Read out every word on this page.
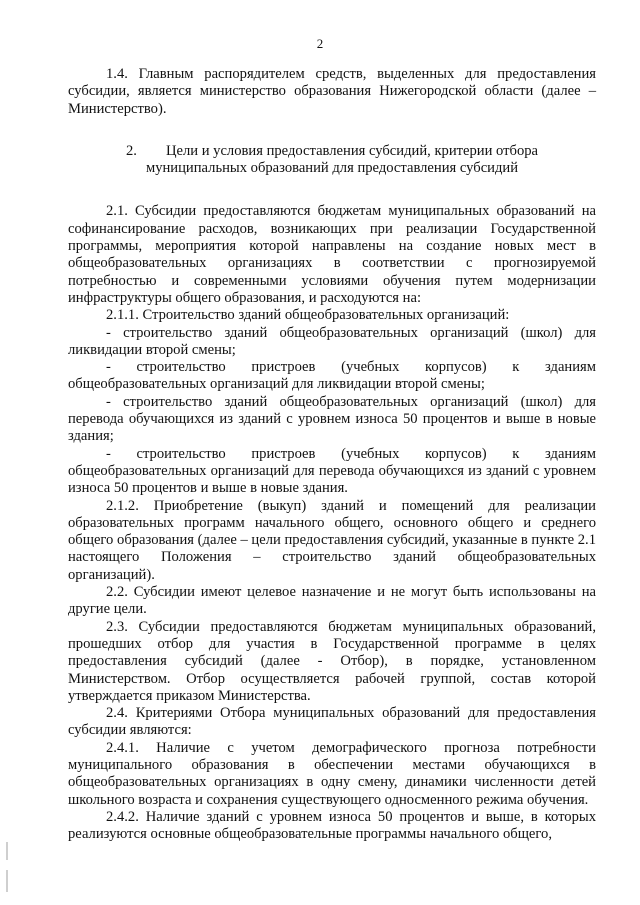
2

1.4. Главным распорядителем средств, выделенных для предоставления субсидии, является министерство образования Нижегородской области (далее – Министерство).

2. Цели и условия предоставления субсидий, критерии отбора
муниципальных образований для предоставления субсидий

2.1. Субсидии предоставляются бюджетам муниципальных образований на софинансирование расходов, возникающих при реализации Государственной программы, мероприятия которой направлены на создание новых мест в общеобразовательных организациях в соответствии с прогнозируемой потребностью и современными условиями обучения путем модернизации инфраструктуры общего образования, и расходуются на:

2.1.1. Строительство зданий общеобразовательных организаций:

- строительство зданий общеобразовательных организаций (школ) для ликвидации второй смены;

- строительство пристроев (учебных корпусов) к зданиям общеобразовательных организаций для ликвидации второй смены;

- строительство зданий общеобразовательных организаций (школ) для перевода обучающихся из зданий с уровнем износа 50 процентов и выше в новые здания;

- строительство пристроев (учебных корпусов) к зданиям общеобразовательных организаций для перевода обучающихся из зданий с уровнем износа 50 процентов и выше в новые здания.

2.1.2. Приобретение (выкуп) зданий и помещений для реализации образовательных программ начального общего, основного общего и среднего общего образования (далее – цели предоставления субсидий, указанные в пункте 2.1 настоящего Положения – строительство зданий общеобразовательных организаций).

2.2. Субсидии имеют целевое назначение и не могут быть использованы на другие цели.

2.3. Субсидии предоставляются бюджетам муниципальных образований, прошедших отбор для участия в Государственной программе в целях предоставления субсидий (далее - Отбор), в порядке, установленном Министерством. Отбор осуществляется рабочей группой, состав которой утверждается приказом Министерства.

2.4. Критериями Отбора муниципальных образований для предоставления субсидии являются:

2.4.1. Наличие с учетом демографического прогноза потребности муниципального образования в обеспечении местами обучающихся в общеобразовательных организациях в одну смену, динамики численности детей школьного возраста и сохранения существующего односменного режима обучения.

2.4.2. Наличие зданий с уровнем износа 50 процентов и выше, в которых реализуются основные общеобразовательные программы начального общего,
